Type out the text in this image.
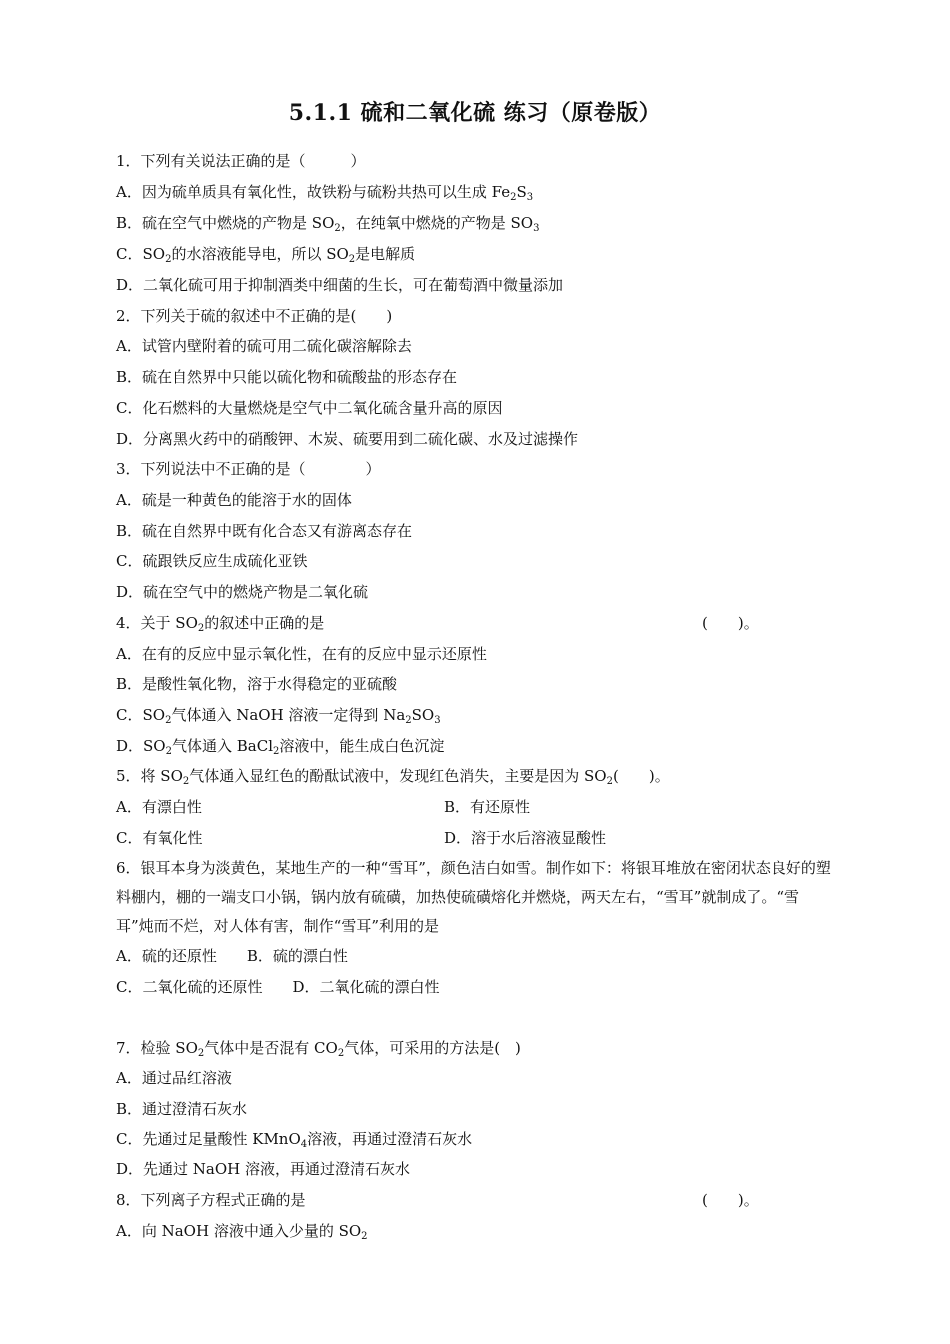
5.1.1 硫和二氧化硫 练习（原卷版）
1．下列有关说法正确的是（　　　）
A．因为硫单质具有氧化性，故铁粉与硫粉共热可以生成 $Fe_2S_3$
B．硫在空气中燃烧的产物是 $SO_2$，在纯氧中燃烧的产物是 $SO_3$
C．$SO_2$的水溶液能导电，所以 $SO_2$是电解质
D．二氧化硫可用于抑制酒类中细菌的生长，可在葡萄酒中微量添加
2．下列关于硫的叙述中不正确的是(　　)
A．试管内壁附着的硫可用二硫化碳溶解除去
B．硫在自然界中只能以硫化物和硫酸盐的形态存在
C．化石燃料的大量燃烧是空气中二氧化硫含量升高的原因
D．分离黑火药中的硝酸钾、木炭、硫要用到二硫化碳、水及过滤操作
3．下列说法中不正确的是（　　　　）
A．硫是一种黄色的能溶于水的固体
B．硫在自然界中既有化合态又有游离态存在
C．硫跟铁反应生成硫化亚铁
D．硫在空气中的燃烧产物是二氧化硫
4．关于 $SO_2$的叙述中正确的是	(　　)。
A．在有的反应中显示氧化性，在有的反应中显示还原性
B．是酸性氧化物，溶于水得稳定的亚硫酸
C．$SO_2$气体通入 NaOH 溶液一定得到 $Na_2SO_3$
D．$SO_2$气体通入 BaCl$_2$溶液中，能生成白色沉淀
5．将 $SO_2$气体通入显红色的酚酞试液中，发现红色消失，主要是因为 $SO_2$(　　)。
A．有漂白性	B．有还原性
C．有氧化性	D．溶于水后溶液显酸性
6．银耳本身为淡黄色，某地生产的一种“雪耳”，颜色洁白如雪。制作如下：将银耳堆放在密闭状态良好的塑料棚内，棚的一端支口小锅，锅内放有硫磺，加热使硫磺熔化并燃烧，两天左右，“雪耳”就制成了。“雪耳”炖而不烂，对人体有害，制作“雪耳”利用的是
A．硫的还原性　　B．硫的漂白性
C．二氧化硫的还原性　　D．二氧化硫的漂白性
7．检验 $SO_2$气体中是否混有 $CO_2$气体，可采用的方法是(　)
A．通过品红溶液
B．通过澄清石灰水
C．先通过足量酸性 KMnO$_4$溶液，再通过澄清石灰水
D．先通过 NaOH 溶液，再通过澄清石灰水
8．下列离子方程式正确的是	(　　)。
A．向 NaOH 溶液中通入少量的 $SO_2$
